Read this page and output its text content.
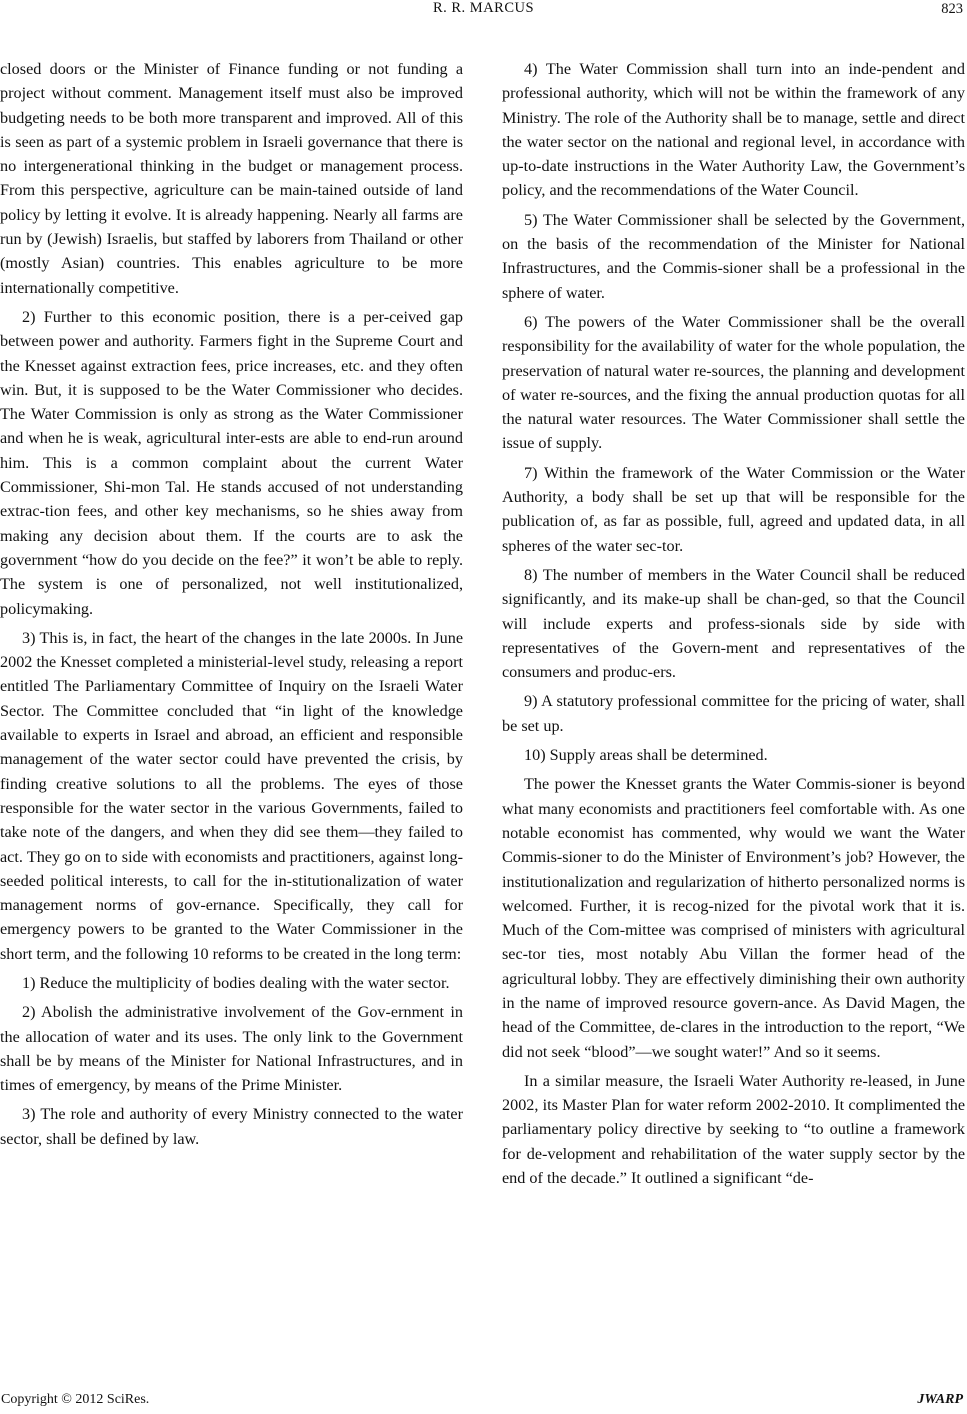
R. R. MARCUS	823

closed doors or the Minister of Finance funding or not funding a project without comment. Management itself must also be improved budgeting needs to be both more transparent and improved. All of this is seen as part of a systemic problem in Israeli governance that there is no intergenerational thinking in the budget or management process. From this perspective, agriculture can be main-tained outside of land policy by letting it evolve. It is already happening. Nearly all farms are run by (Jewish) Israelis, but staffed by laborers from Thailand or other (mostly Asian) countries. This enables agriculture to be more internationally competitive.

2) Further to this economic position, there is a per-ceived gap between power and authority. Farmers fight in the Supreme Court and the Knesset against extraction fees, price increases, etc. and they often win. But, it is supposed to be the Water Commissioner who decides. The Water Commission is only as strong as the Water Commissioner and when he is weak, agricultural inter-ests are able to end-run around him. This is a common complaint about the current Water Commissioner, Shi-mon Tal. He stands accused of not understanding extrac-tion fees, and other key mechanisms, so he shies away from making any decision about them. If the courts are to ask the government “how do you decide on the fee?” it won’t be able to reply. The system is one of personalized, not well institutionalized, policymaking.

3) This is, in fact, the heart of the changes in the late 2000s. In June 2002 the Knesset completed a ministerial-level study, releasing a report entitled The Parliamentary Committee of Inquiry on the Israeli Water Sector. The Committee concluded that “in light of the knowledge available to experts in Israel and abroad, an efficient and responsible management of the water sector could have prevented the crisis, by finding creative solutions to all the problems. The eyes of those responsible for the water sector in the various Governments, failed to take note of the dangers, and when they did see them—they failed to act. They go on to side with economists and practitioners, against long-seeded political interests, to call for the in-stitutionalization of water management norms of gov-ernance. Specifically, they call for emergency powers to be granted to the Water Commissioner in the short term, and the following 10 reforms to be created in the long term:

1) Reduce the multiplicity of bodies dealing with the water sector.

2) Abolish the administrative involvement of the Gov-ernment in the allocation of water and its uses. The only link to the Government shall be by means of the Minister for National Infrastructures, and in times of emergency, by means of the Prime Minister.

3) The role and authority of every Ministry connected to the water sector, shall be defined by law.

4) The Water Commission shall turn into an inde-pendent and professional authority, which will not be within the framework of any Ministry. The role of the Authority shall be to manage, settle and direct the water sector on the national and regional level, in accordance with up-to-date instructions in the Water Authority Law, the Government’s policy, and the recommendations of the Water Council.

5) The Water Commissioner shall be selected by the Government, on the basis of the recommendation of the Minister for National Infrastructures, and the Commis-sioner shall be a professional in the sphere of water.

6) The powers of the Water Commissioner shall be the overall responsibility for the availability of water for the whole population, the preservation of natural water re-sources, the planning and development of water re-sources, and the fixing the annual production quotas for all the natural water resources. The Water Commissioner shall settle the issue of supply.

7) Within the framework of the Water Commission or the Water Authority, a body shall be set up that will be responsible for the publication of, as far as possible, full, agreed and updated data, in all spheres of the water sec-tor.

8) The number of members in the Water Council shall be reduced significantly, and its make-up shall be chan-ged, so that the Council will include experts and profess-sionals side by side with representatives of the Govern-ment and representatives of the consumers and produc-ers.

9) A statutory professional committee for the pricing of water, shall be set up.

10) Supply areas shall be determined.

The power the Knesset grants the Water Commis-sioner is beyond what many economists and practitioners feel comfortable with. As one notable economist has commented, why would we want the Water Commis-sioner to do the Minister of Environment’s job? However, the institutionalization and regularization of hitherto personalized norms is welcomed. Further, it is recog-nized for the pivotal work that it is. Much of the Com-mittee was comprised of ministers with agricultural sec-tor ties, most notably Abu Villan the former head of the agricultural lobby. They are effectively diminishing their own authority in the name of improved resource govern-ance. As David Magen, the head of the Committee, de-clares in the introduction to the report, “We did not seek “blood”—we sought water!” And so it seems.

In a similar measure, the Israeli Water Authority re-leased, in June 2002, its Master Plan for water reform 2002-2010. It complimented the parliamentary policy directive by seeking to “to outline a framework for de-velopment and rehabilitation of the water supply sector by the end of the decade.” It outlined a significant “de-

Copyright © 2012 SciRes.	JWARP
